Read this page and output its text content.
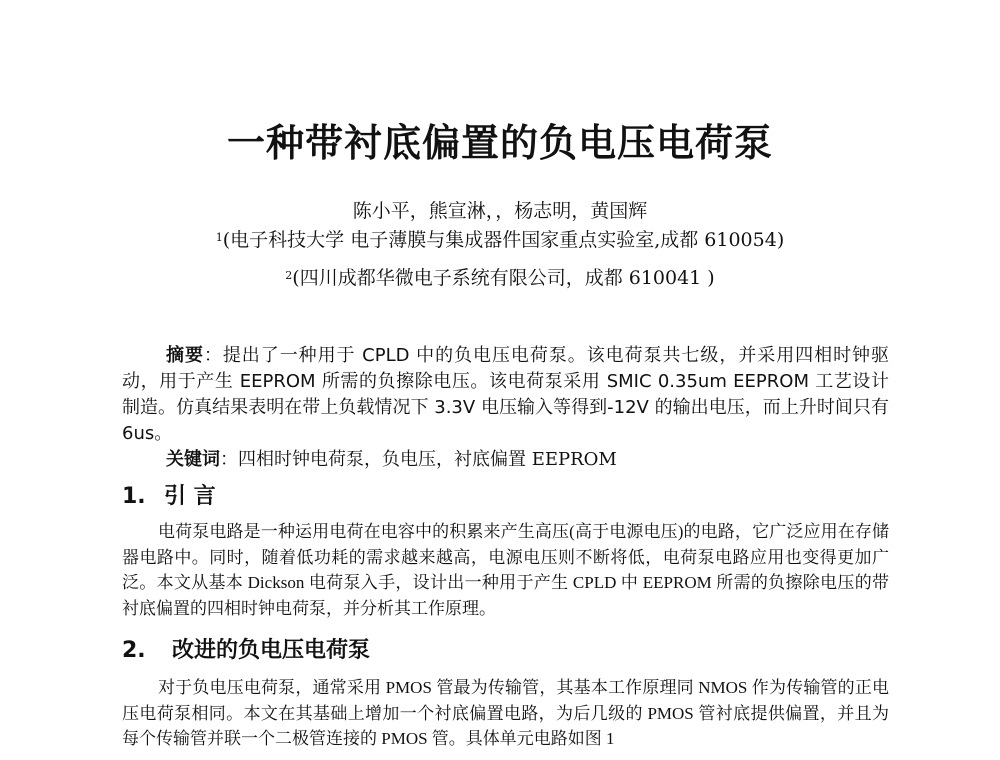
一种带衬底偏置的负电压电荷泵
陈小平，熊宣淋，，杨志明，黄国辉
$^1$(电子科技大学 电子薄膜与集成器件国家重点实验室,成都 610054)
$^2$(四川成都华微电子系统有限公司，成都 610041 )

摘要：提出了一种用于 CPLD 中的负电压电荷泵。该电荷泵共七级，并采用四相时钟驱动，用于产生 EEPROM 所需的负擦除电压。该电荷泵采用 SMIC 0.35um EEPROM 工艺设计制造。仿真结果表明在带上负载情况下 3.3V 电压输入等得到-12V 的输出电压，而上升时间只有 6us。

关键词：四相时钟电荷泵，负电压，衬底偏置 EEPROM
1. 引 言

电荷泵电路是一种运用电荷在电容中的积累来产生高压(高于电源电压)的电路，它广泛应用在存储器电路中。同时，随着低功耗的需求越来越高，电源电压则不断将低，电荷泵电路应用也变得更加广泛。本文从基本 Dickson 电荷泵入手，设计出一种用于产生 CPLD 中 EEPROM 所需的负擦除电压的带衬底偏置的四相时钟电荷泵，并分析其工作原理。

2. 改进的负电压电荷泵

对于负电压电荷泵，通常采用 PMOS 管最为传输管，其基本工作原理同 NMOS 作为传输管的正电压电荷泵相同。本文在其基础上增加一个衬底偏置电路，为后几级的 PMOS 管衬底提供偏置，并且为每个传输管并联一个二极管连接的 PMOS 管。具体单元电路如图 1
